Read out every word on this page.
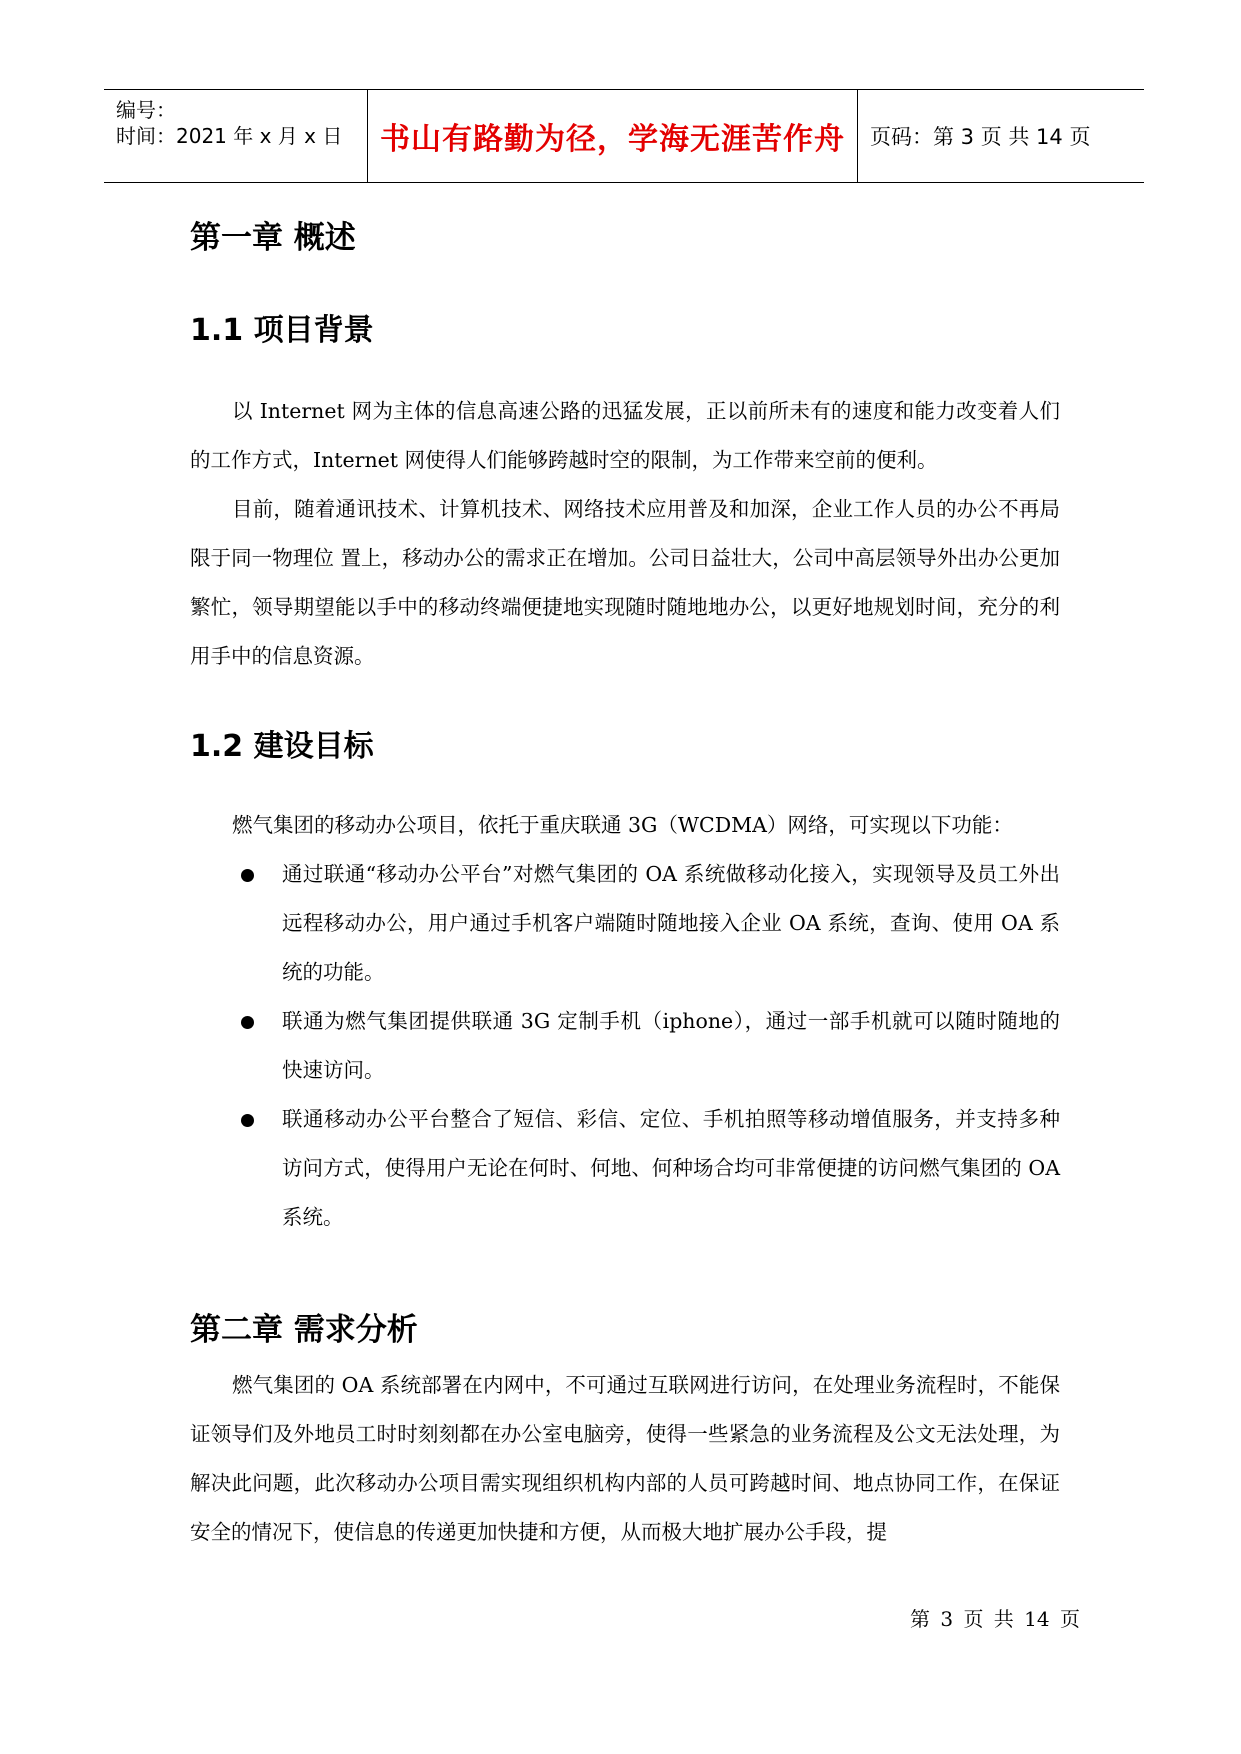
编号：
时间：2021 年 x 月 x 日 书山有路勤为径，学海无涯苦作舟	页码：第 3 页 共 14 页
第一章 概述
1.1 项目背景

以 Internet 网为主体的信息高速公路的迅猛发展，正以前所未有的速度和能力改变着人们的工作方式，Internet 网使得人们能够跨越时空的限制，为工作带来空前的便利。

目前，随着通讯技术、计算机技术、网络技术应用普及和加深，企业工作人员的办公不再局限于同一物理位 置上，移动办公的需求正在增加。公司日益壮大，公司中高层领导外出办公更加繁忙，领导期望能以手中的移动终端便捷地实现随时随地地办公，以更好地规划时间，充分的利用手中的信息资源。

1.2 建设目标

燃气集团的移动办公项目，依托于重庆联通 3G（WCDMA）网络，可实现以下功能：

通过联通“移动办公平台”对燃气集团的 OA 系统做移动化接入，实现领导及员工外出远程移动办公，用户通过手机客户端随时随地接入企业 OA 系统，查询、使用 OA 系统的功能。
联通为燃气集团提供联通 3G 定制手机（iphone），通过一部手机就可以随时随地的快速访问。
联通移动办公平台整合了短信、彩信、定位、手机拍照等移动增值服务，并支持多种访问方式，使得用户无论在何时、何地、何种场合均可非常便捷的访问燃气集团的 OA 系统。
第二章 需求分析

燃气集团的 OA 系统部署在内网中，不可通过互联网进行访问，在处理业务流程时，不能保证领导们及外地员工时时刻刻都在办公室电脑旁，使得一些紧急的业务流程及公文无法处理，为解决此问题，此次移动办公项目需实现组织机构内部的人员可跨越时间、地点协同工作，在保证安全的情况下，使信息的传递更加快捷和方便，从而极大地扩展办公手段，提

第 3 页 共 14 页
